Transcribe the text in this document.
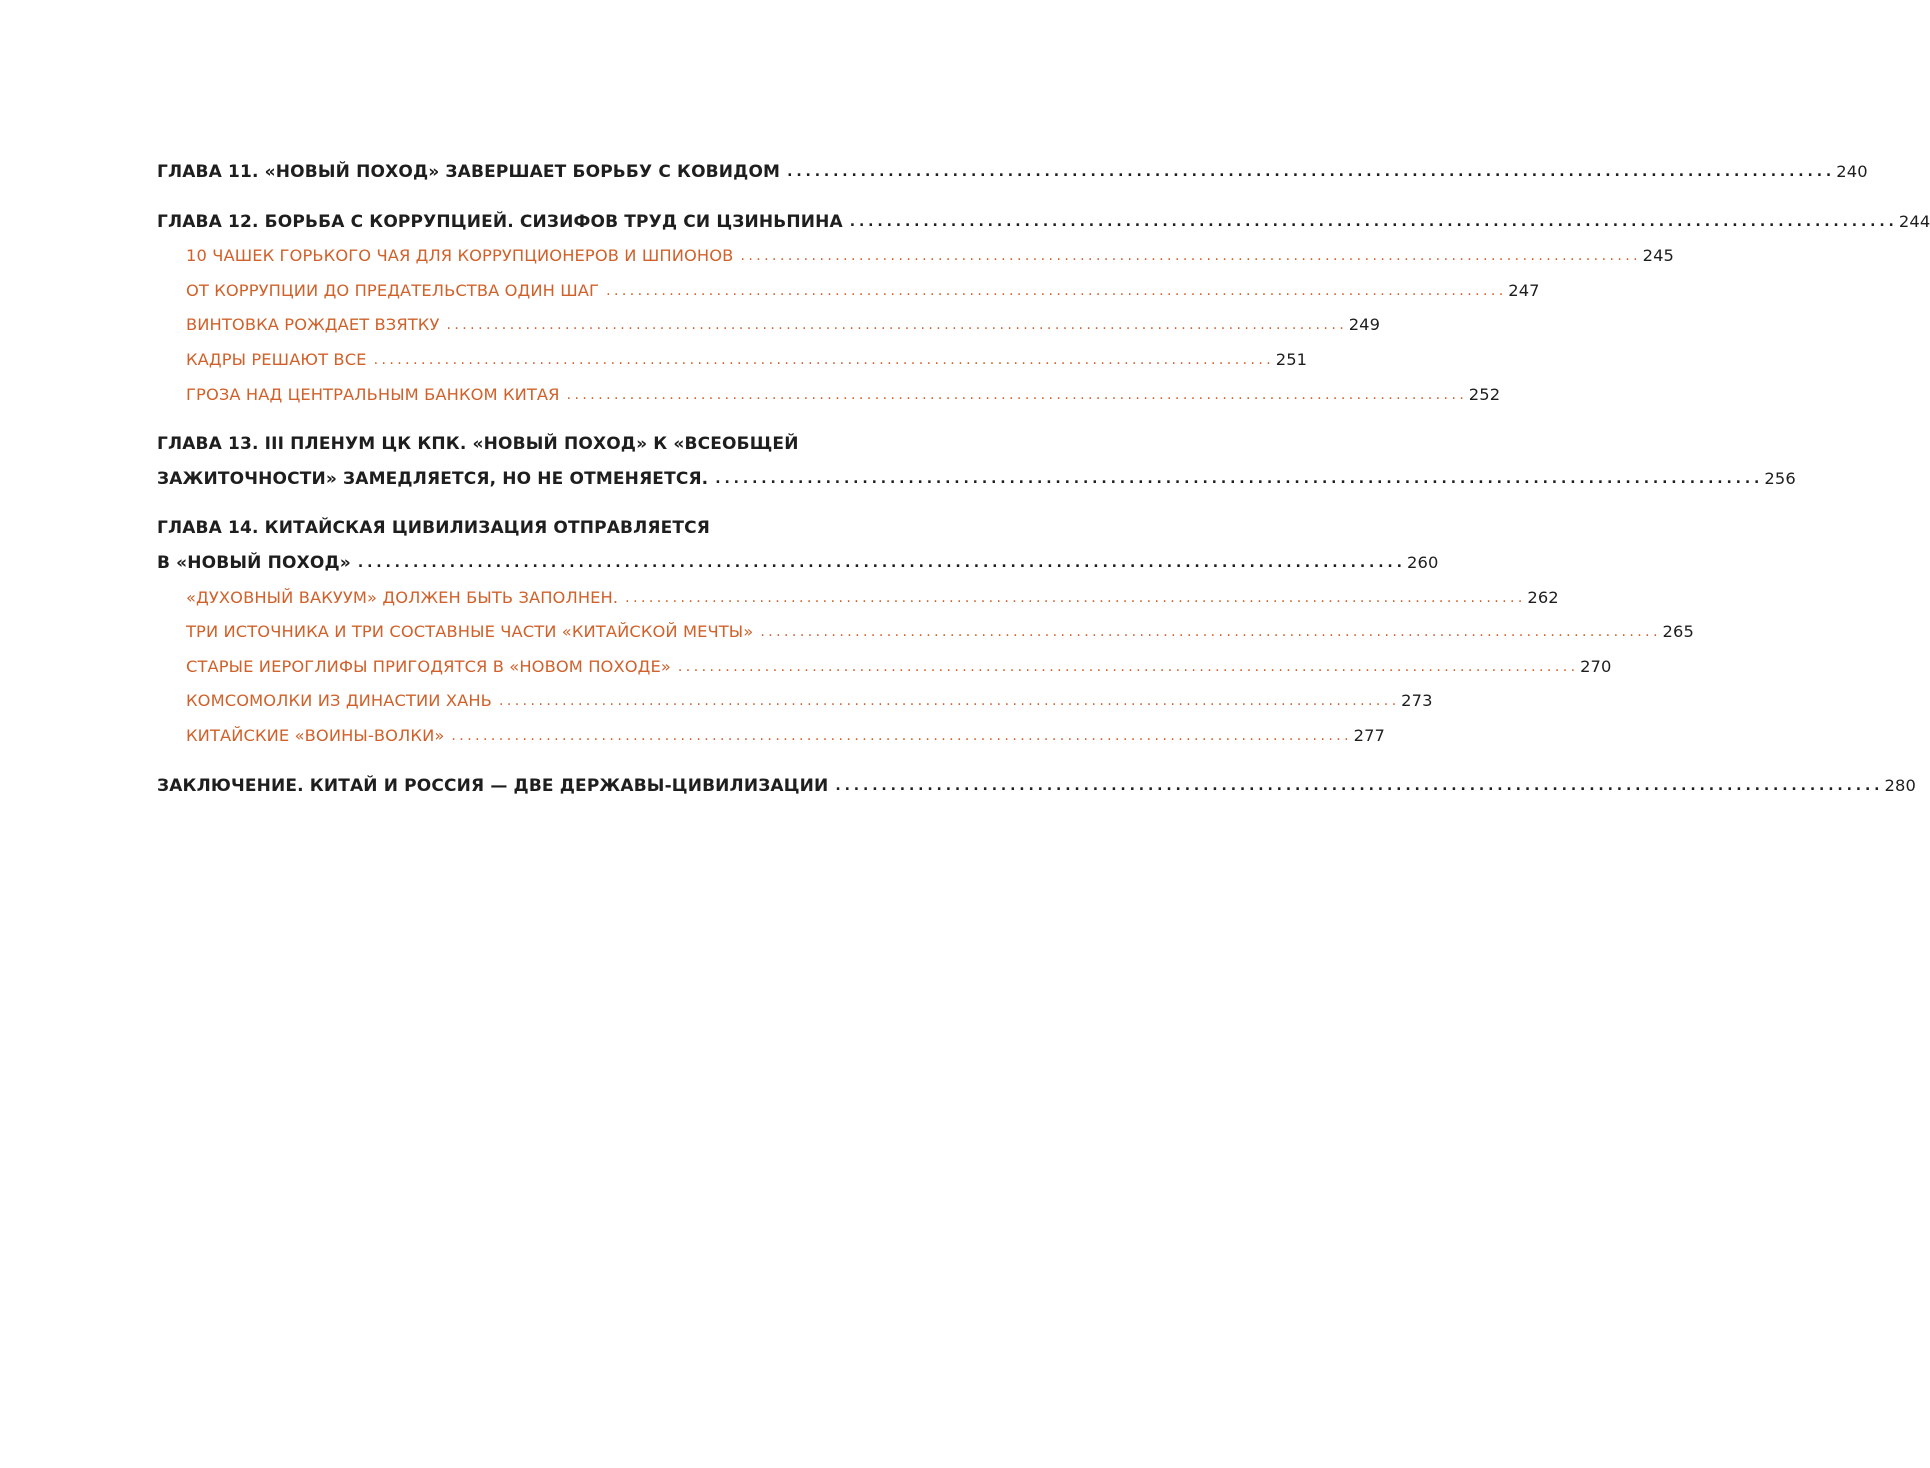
ГЛАВА 11. «НОВЫЙ ПОХОД» ЗАВЕРШАЕТ БОРЬБУ С КОВИДОМ . . .	240
ГЛАВА 12. БОРЬБА С КОРРУПЦИЕЙ. СИЗИФОВ ТРУД СИ ЦЗИНЬПИНА . . .	244
10 ЧАШЕК ГОРЬКОГО ЧАЯ ДЛЯ КОРРУПЦИОНЕРОВ И ШПИОНОВ . . .	245
ОТ КОРРУПЦИИ ДО ПРЕДАТЕЛЬСТВА ОДИН ШАГ . . .	247
ВИНТОВКА РОЖДАЕТ ВЗЯТКУ . . .	249
КАДРЫ РЕШАЮТ ВСЕ . . .	251
ГРОЗА НАД ЦЕНТРАЛЬНЫМ БАНКОМ КИТАЯ . . .	252
ГЛАВА 13. III ПЛЕНУМ ЦК КПК. «НОВЫЙ ПОХОД» К «ВСЕОБЩЕЙ
ЗАЖИТОЧНОСТИ» ЗАМЕДЛЯЕТСЯ, НО НЕ ОТМЕНЯЕТСЯ. . . .	256
ГЛАВА 14. КИТАЙСКАЯ ЦИВИЛИЗАЦИЯ ОТПРАВЛЯЕТСЯ
В «НОВЫЙ ПОХОД» . . .	260
«ДУХОВНЫЙ ВАКУУМ» ДОЛЖЕН БЫТЬ ЗАПОЛНЕН. . . .	262
ТРИ ИСТОЧНИКА И ТРИ СОСТАВНЫЕ ЧАСТИ «КИТАЙСКОЙ МЕЧТЫ» . . .	265
СТАРЫЕ ИЕРОГЛИФЫ ПРИГОДЯТСЯ В «НОВОМ ПОХОДЕ» . . .	270
КОМСОМОЛКИ ИЗ ДИНАСТИИ ХАНЬ . . .	273
КИТАЙСКИЕ «ВОИНЫ-ВОЛКИ» . . .	277
ЗАКЛЮЧЕНИЕ. КИТАЙ И РОССИЯ — ДВЕ ДЕРЖАВЫ-ЦИВИЛИЗАЦИИ . . .	280
